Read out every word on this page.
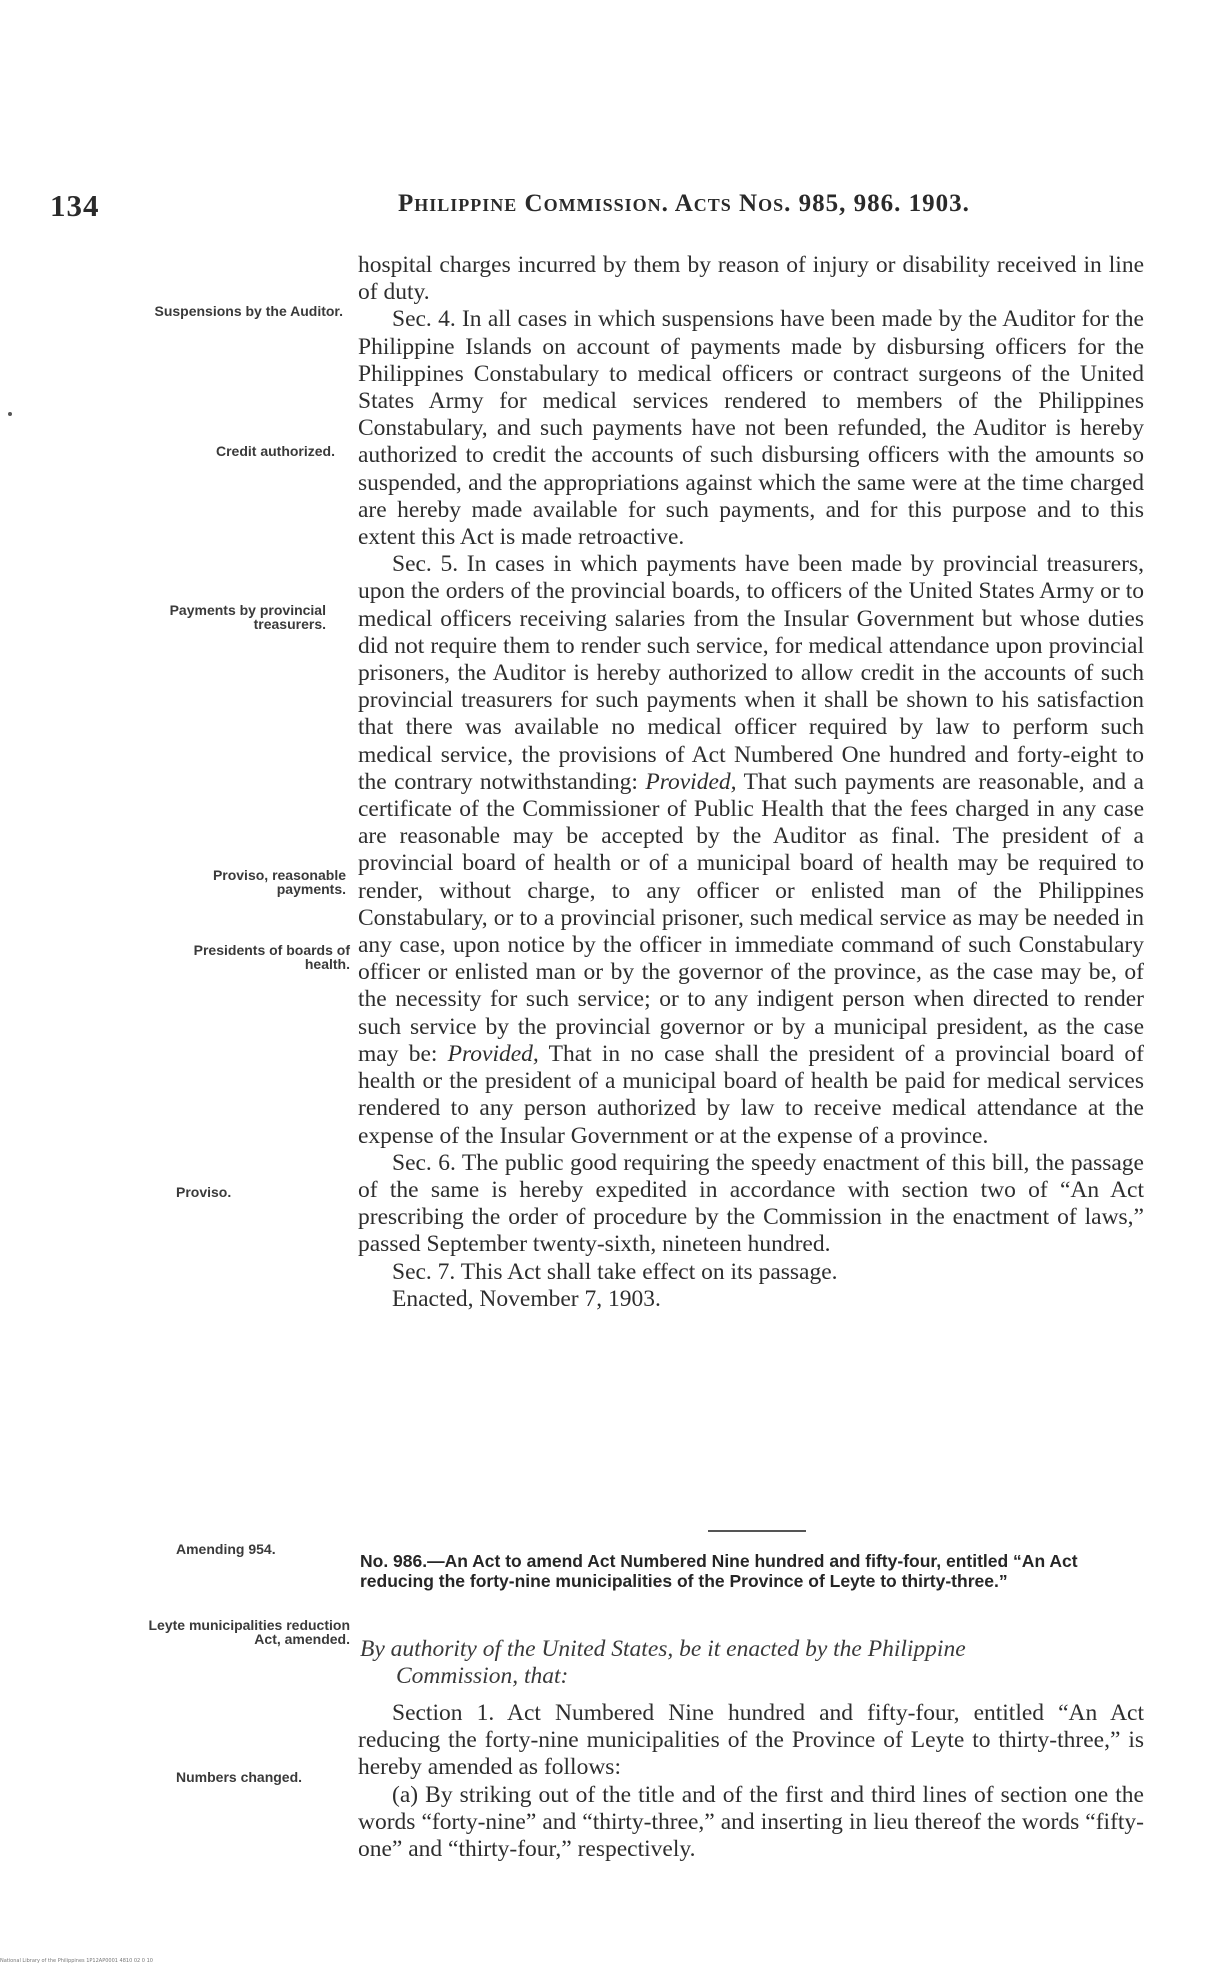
134	Philippine Commission. Acts Nos. 985, 986. 1903.
Suspensions by the Auditor.
Credit authorized.
Payments by provincial treasurers.
Proviso, reasonable payments.
Presidents of boards of health.
Proviso.
Amending 954.
Leyte municipalities reduction Act, amended.
Numbers changed.

hospital charges incurred by them by reason of injury or disability received in line of duty.

Sec. 4. In all cases in which suspensions have been made by the Auditor for the Philippine Islands on account of payments made by disbursing officers for the Philippines Constabulary to medical officers or contract surgeons of the United States Army for medical services rendered to members of the Philippines Constabulary, and such payments have not been refunded, the Auditor is hereby authorized to credit the accounts of such disbursing officers with the amounts so suspended, and the appropriations against which the same were at the time charged are hereby made available for such payments, and for this purpose and to this extent this Act is made retroactive.

Sec. 5. In cases in which payments have been made by provincial treasurers, upon the orders of the provincial boards, to officers of the United States Army or to medical officers receiving salaries from the Insular Government but whose duties did not require them to render such service, for medical attendance upon provincial prisoners, the Auditor is hereby authorized to allow credit in the accounts of such provincial treasurers for such payments when it shall be shown to his satisfaction that there was available no medical officer required by law to perform such medical service, the provisions of Act Numbered One hundred and forty-eight to the contrary notwithstanding: Provided, That such payments are reasonable, and a certificate of the Commissioner of Public Health that the fees charged in any case are reasonable may be accepted by the Auditor as final. The president of a provincial board of health or of a municipal board of health may be required to render, without charge, to any officer or enlisted man of the Philippines Constabulary, or to a provincial prisoner, such medical service as may be needed in any case, upon notice by the officer in immediate command of such Constabulary officer or enlisted man or by the governor of the province, as the case may be, of the necessity for such service; or to any indigent person when directed to render such service by the provincial governor or by a municipal president, as the case may be: Provided, That in no case shall the president of a provincial board of health or the president of a municipal board of health be paid for medical services rendered to any person authorized by law to receive medical attendance at the expense of the Insular Government or at the expense of a province.

Sec. 6. The public good requiring the speedy enactment of this bill, the passage of the same is hereby expedited in accordance with section two of “An Act prescribing the order of procedure by the Commission in the enactment of laws,” passed September twenty-sixth, nineteen hundred.

Sec. 7. This Act shall take effect on its passage.

Enacted, November 7, 1903.

No. 986.—An Act to amend Act Numbered Nine hundred and fifty-four, entitled “An Act reducing the forty-nine municipalities of the Province of Leyte to thirty-three.”
By authority of the United States, be it enacted by the Philippine
Commission, that:

Section 1. Act Numbered Nine hundred and fifty-four, entitled “An Act reducing the forty-nine municipalities of the Province of Leyte to thirty-three,” is hereby amended as follows:

(a) By striking out of the title and of the first and third lines of section one the words “forty-nine” and “thirty-three,” and inserting in lieu thereof the words “fifty-one” and “thirty-four,” respectively.

National Library of the Philippines 1P12AP0001 4810 02 0 10
